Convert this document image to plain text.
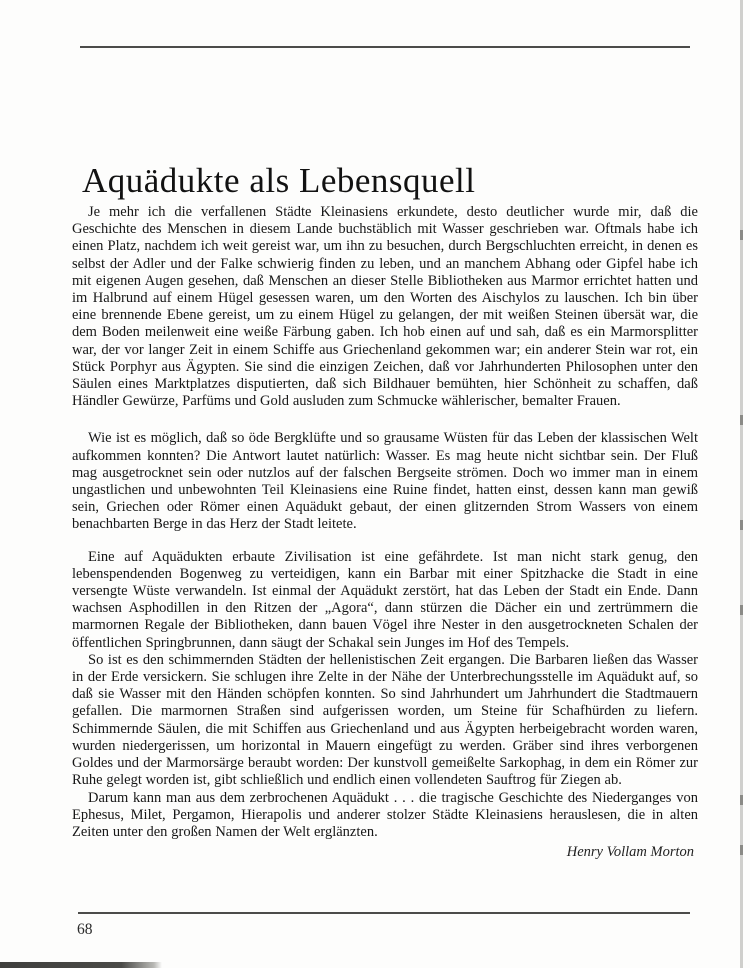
Aquädukte als Lebensquell

Je mehr ich die verfallenen Städte Kleinasiens erkundete, desto deutlicher wurde mir, daß die Geschichte des Menschen in diesem Lande buchstäblich mit Wasser geschrieben war. Oftmals habe ich einen Platz, nachdem ich weit gereist war, um ihn zu besuchen, durch Bergschluchten erreicht, in denen es selbst der Adler und der Falke schwierig finden zu leben, und an manchem Abhang oder Gipfel habe ich mit eigenen Augen gesehen, daß Menschen an dieser Stelle Bibliotheken aus Marmor errichtet hatten und im Halbrund auf einem Hügel gesessen waren, um den Worten des Aischylos zu lauschen. Ich bin über eine brennende Ebene gereist, um zu einem Hügel zu gelangen, der mit weißen Steinen übersät war, die dem Boden meilenweit eine weiße Färbung gaben. Ich hob einen auf und sah, daß es ein Marmorsplitter war, der vor langer Zeit in einem Schiffe aus Griechenland gekommen war; ein anderer Stein war rot, ein Stück Porphyr aus Ägypten. Sie sind die einzigen Zeichen, daß vor Jahrhunderten Philosophen unter den Säulen eines Marktplatzes disputierten, daß sich Bildhauer bemühten, hier Schönheit zu schaffen, daß Händler Gewürze, Parfüms und Gold ausluden zum Schmucke wählerischer, bemalter Frauen.

Wie ist es möglich, daß so öde Bergklüfte und so grausame Wüsten für das Leben der klassischen Welt aufkommen konnten? Die Antwort lautet natürlich: Wasser. Es mag heute nicht sichtbar sein. Der Fluß mag ausgetrocknet sein oder nutzlos auf der falschen Bergseite strömen. Doch wo immer man in einem ungastlichen und unbewohnten Teil Kleinasiens eine Ruine findet, hatten einst, dessen kann man gewiß sein, Griechen oder Römer einen Aquädukt gebaut, der einen glitzernden Strom Wassers von einem benachbarten Berge in das Herz der Stadt leitete.

Eine auf Aquädukten erbaute Zivilisation ist eine gefährdete. Ist man nicht stark genug, den lebenspendenden Bogenweg zu verteidigen, kann ein Barbar mit einer Spitzhacke die Stadt in eine versengte Wüste verwandeln. Ist einmal der Aquädukt zerstört, hat das Leben der Stadt ein Ende. Dann wachsen Asphodillen in den Ritzen der „Agora“, dann stürzen die Dächer ein und zertrümmern die marmornen Regale der Bibliotheken, dann bauen Vögel ihre Nester in den ausgetrockneten Schalen der öffentlichen Springbrunnen, dann säugt der Schakal sein Junges im Hof des Tempels.

So ist es den schimmernden Städten der hellenistischen Zeit ergangen. Die Barbaren ließen das Wasser in der Erde versickern. Sie schlugen ihre Zelte in der Nähe der Unterbrechungsstelle im Aquädukt auf, so daß sie Wasser mit den Händen schöpfen konnten. So sind Jahrhundert um Jahrhundert die Stadtmauern gefallen. Die marmornen Straßen sind aufgerissen worden, um Steine für Schafhürden zu liefern. Schimmernde Säulen, die mit Schiffen aus Griechenland und aus Ägypten herbeigebracht worden waren, wurden niedergerissen, um horizontal in Mauern eingefügt zu werden. Gräber sind ihres verborgenen Goldes und der Marmorsärge beraubt worden: Der kunstvoll gemeißelte Sarkophag, in dem ein Römer zur Ruhe gelegt worden ist, gibt schließlich und endlich einen vollendeten Sauftrog für Ziegen ab.

Darum kann man aus dem zerbrochenen Aquädukt . . . die tragische Geschichte des Niederganges von Ephesus, Milet, Pergamon, Hierapolis und anderer stolzer Städte Kleinasiens herauslesen, die in alten Zeiten unter den großen Namen der Welt erglänzten.

Henry Vollam Morton

68
